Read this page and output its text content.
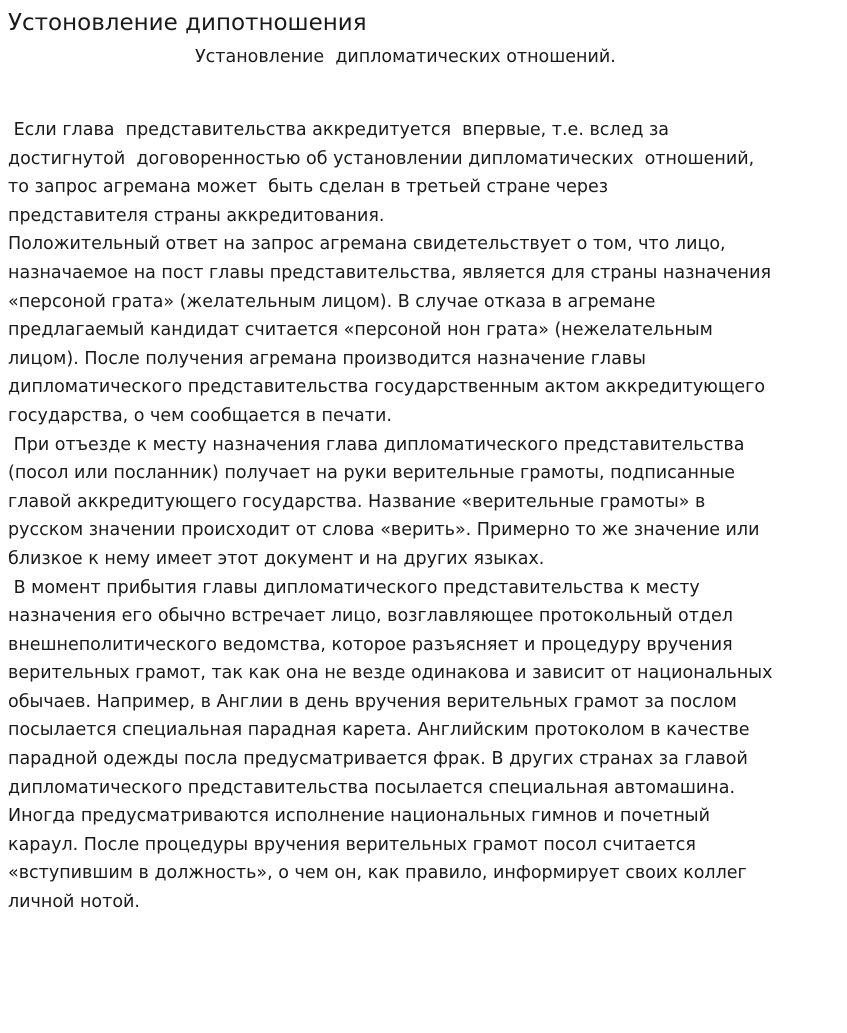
Устоновление дипотношения
Установление  дипломатических отношений.
Если глава  представительства аккредитуется  впервые, т.е. вслед за
достигнутой  договоренностью об установлении дипломатических  отношений,
то запрос агремана может  быть сделан в третьей стране через
представителя страны аккредитования.
Положительный ответ на запрос агремана свидетельствует о том, что лицо,
назначаемое на пост главы представительства, является для страны назначения
«персоной грата» (желательным лицом). В случае отказа в агремане
предлагаемый кандидат считается «персоной нон грата» (нежелательным
лицом). После получения агремана производится назначение главы
дипломатического представительства государственным актом аккредитующего
государства, о чем сообщается в печати.
При отъезде к месту назначения глава дипломатического представительства
(посол или посланник) получает на руки верительные грамоты, подписанные
главой аккредитующего государства. Название «верительные грамоты» в
русском значении происходит от слова «верить». Примерно то же значение или
близкое к нему имеет этот документ и на других языках.
В момент прибытия главы дипломатического представительства к месту
назначения его обычно встречает лицо, возглавляющее протокольный отдел
внешнеполитического ведомства, которое разъясняет и процедуру вручения
верительных грамот, так как она не везде одинакова и зависит от национальных
обычаев. Например, в Англии в день вручения верительных грамот за послом
посылается специальная парадная карета. Английским протоколом в качестве
парадной одежды посла предусматривается фрак. В других странах за главой
дипломатического представительства посылается специальная автомашина.
Иногда предусматриваются исполнение национальных гимнов и почетный
караул. После процедуры вручения верительных грамот посол считается
«вступившим в должность», о чем он, как правило, информирует своих коллег
личной нотой.
